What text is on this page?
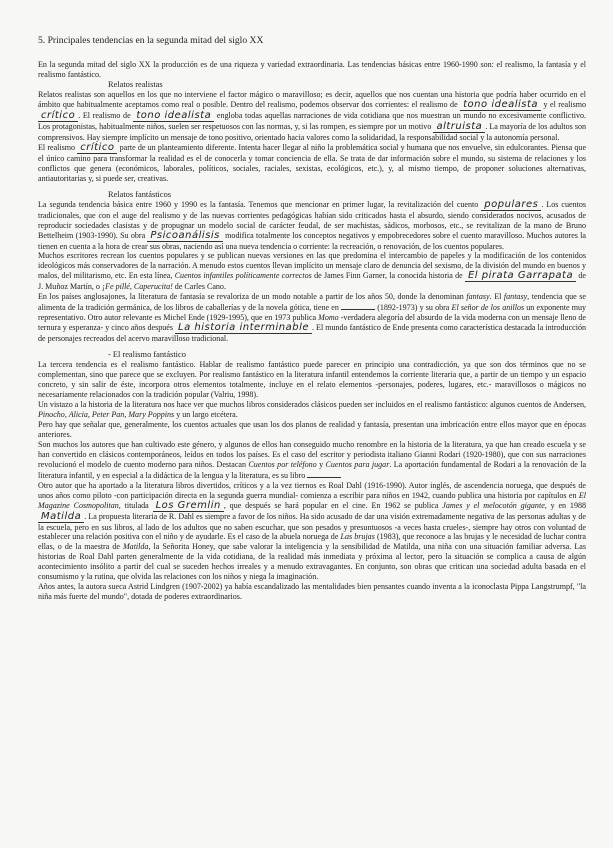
5. Principales tendencias en la segunda mitad del siglo XX

En la segunda mitad del siglo XX la producción es de una riqueza y variedad extraordinaria. Las tendencias básicas entre 1960-1990 son: el realismo, la fantasía y el realismo fantástico.

Relatos realistas

Relatos realistas son aquellos en los que no interviene el factor mágico o maravilloso; es decir, aquellos que nos cuentan una historia que podría haber ocurrido en el ámbito que habitualmente aceptamos como real o posible. Dentro del realismo, podemos observar dos corrientes: el realismo de tono idealista y el realismo crítico . El realismo de tono idealista engloba todas aquellas narraciones de vida cotidiana que nos muestran un mundo no excesivamente conflictivo. Los protagonistas, habitualmente niños, suelen ser respetuosos con las normas, y, si las rompen, es siempre por un motivo altruista . La mayoría de los adultos son comprensivos. Hay siempre implícito un mensaje de tono positivo, orientado hacia valores como la solidaridad, la responsabilidad social y la autonomía personal.

El realismo crítico parte de un planteamiento diferente. Intenta hacer llegar al niño la problemática social y humana que nos envuelve, sin edulcorantes. Piensa que el único camino para transformar la realidad es el de conocerla y tomar conciencia de ella. Se trata de dar información sobre el mundo, su sistema de relaciones y los conflictos que genera (económicos, laborales, políticos, sociales, raciales, sexistas, ecológicos, etc.), y, al mismo tiempo, de proponer soluciones alternativas, antiautoritarias y, si puede ser, creativas.

Relatos fantásticos

La segunda tendencia básica entre 1960 y 1990 es la fantasía. Tenemos que mencionar en primer lugar, la revitalización del cuento populares . Los cuentos tradicionales, que con el auge del realismo y de las nuevas corrientes pedagógicas habían sido criticados hasta el absurdo, siendo considerados nocivos, acusados de reproducir sociedades clasistas y de propugnar un modelo social de carácter feudal, de ser machistas, sádicos, morbosos, etc., se revitalizan de la mano de Bruno Bettelheim (1903-1990). Su obra Psicoanálisis modifica totalmente los conceptos negativos y empobrecedores sobre el cuento maravilloso. Muchos autores la tienen en cuenta a la hora de crear sus obras, naciendo así una nueva tendencia o corriente: la recreación, o renovación, de los cuentos populares.

Muchos escritores recrean los cuentos populares y se publican nuevas versiones en las que predomina el intercambio de papeles y la modificación de los contenidos ideológicos más conservadores de la narración. A menudo estos cuentos llevan implícito un mensaje claro de denuncia del sexismo, de la división del mundo en buenos y malos, del militarismo, etc. En esta línea, Cuentos infantiles políticamente correctos de James Finn Garner, la conocida historia de El pirata Garrapata de J. Muñoz Martín, o ¡Fe pillé, Caperucita! de Carles Cano.

En los países anglosajones, la literatura de fantasía se revaloriza de un modo notable a partir de los años 50, donde la denominan fantasy. El fantasy, tendencia que se alimenta de la tradición germánica, de los libros de caballerías y de la novela gótica, tiene en	(1892-1973) y su obra El señor de los anillos un exponente muy representativo. Otro autor relevante es Michel Ende (1929-1995), que en 1973 publica Momo -verdadera alegoría del absurdo de la vida moderna con un mensaje lleno de ternura y esperanza- y cinco años después La historia interminable . El mundo fantástico de Ende presenta como característica destacada la introducción de personajes recreados del acervo maravilloso tradicional.

- El realismo fantástico

La tercera tendencia es el realismo fantástico. Hablar de realismo fantástico puede parecer en principio una contradicción, ya que son dos términos que no se complementan, sino que parece que se excluyen. Por realismo fantástico en la literatura infantil entendemos la corriente literaria que, a partir de un tiempo y un espacio concreto, y sin salir de éste, incorpora otros elementos totalmente, incluye en el relato elementos -personajes, poderes, lugares, etc.- maravillosos o mágicos no necesariamente relacionados con la tradición popular (Valriu, 1998).

Un vistazo a la historia de la literatura nos hace ver que muchos libros considerados clásicos pueden ser incluidos en el realismo fantástico: algunos cuentos de Andersen, Pinocho, Alicia, Peter Pan, Mary Poppins y un largo etcétera.

Pero hay que señalar que, generalmente, los cuentos actuales que usan los dos planos de realidad y fantasía, presentan una imbricación entre ellos mayor que en épocas anteriores.

Son muchos los autores que han cultivado este género, y algunos de ellos han conseguido mucho renombre en la historia de la literatura, ya que han creado escuela y se han convertido en clásicos contemporáneos, leídos en todos los países. Es el caso del escritor y periodista italiano Gianni Rodari (1920-1980), que con sus narraciones revolucionó el modelo de cuento moderno para niños. Destacan Cuentos por teléfono y Cuentos para jugar. La aportación fundamental de Rodari a la renovación de la literatura infantil, y en especial a la didáctica de la lengua y la literatura, es su libro

Otro autor que ha aportado a la literatura libros divertidos, críticos y a la vez tiernos es Roal Dahl (1916-1990). Autor inglés, de ascendencia noruega, que después de unos años como piloto -con participación directa en la segunda guerra mundial- comienza a escribir para niños en 1942, cuando publica una historia por capítulos en El Magazine Cosmopolitan, titulada Los Gremlin , que después se hará popular en el cine. En 1962 se publica James y el melocotón gigante, y en 1988 Matilda . La propuesta literaria de R. Dahl es siempre a favor de los niños. Ha sido acusado de dar una visión extremadamente negativa de las personas adultas y de la escuela, pero en sus libros, al lado de los adultos que no saben escuchar, que son pesados y presuntuosos -a veces hasta crueles-, siempre hay otros con voluntad de establecer una relación positiva con el niño y de ayudarle. Es el caso de la abuela noruega de Las brujas (1983), que reconoce a las brujas y le necesidad de luchar contra ellas, o de la maestra de Matilda, la Señorita Honey, que sabe valorar la inteligencia y la sensibilidad de Matilda, una niña con una situación familiar adversa. Las historias de Roal Dahl parten generalmente de la vida cotidiana, de la realidad más inmediata y próxima al lector, pero la situación se complica a causa de algún acontecimiento insólito a partir del cual se suceden hechos irreales y a menudo extravagantes. En conjunto, son obras que critican una sociedad adulta basada en el consumismo y la rutina, que olvida las relaciones con los niños y niega la imaginación.

Años antes, la autora sueca Astrid Lindgren (1907-2002) ya había escandalizado las mentalidades bien pensantes cuando inventa a la iconoclasta Pippa Langstrumpf, "la niña más fuerte del mundo", dotada de poderes extraordinarios.
